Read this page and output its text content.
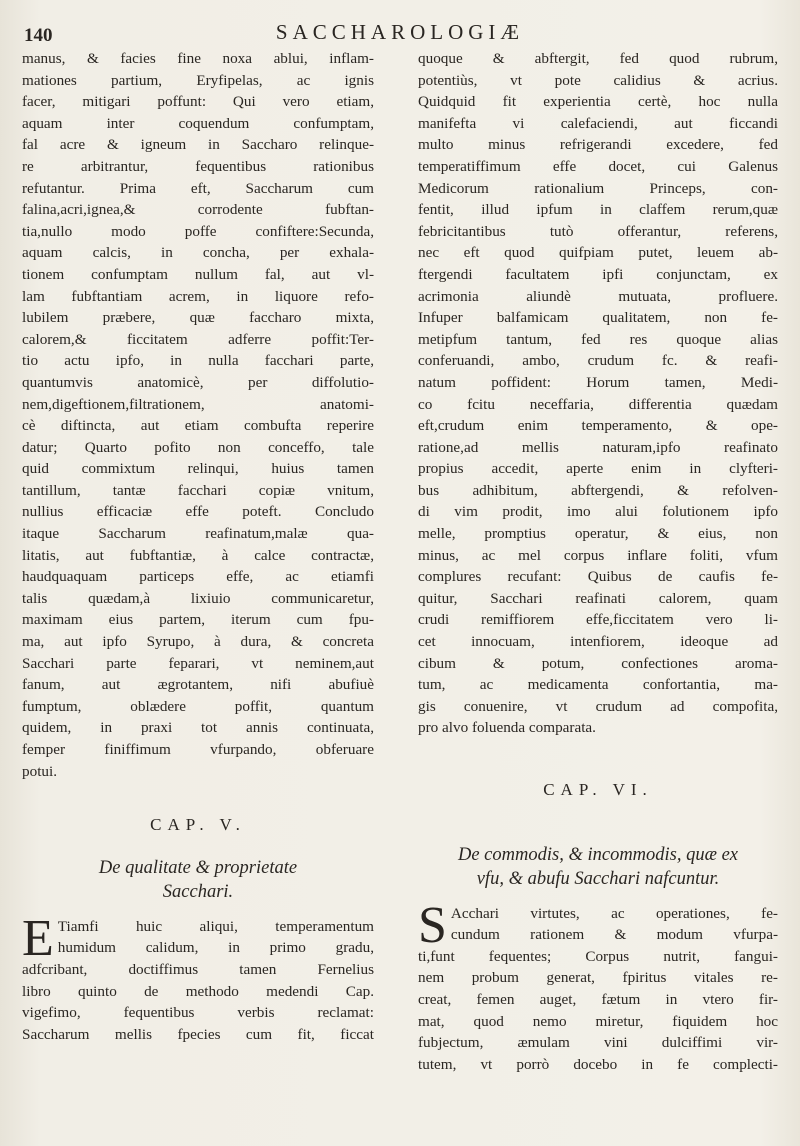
140	SACCHAROLOGIÆ
manus, & facies fine noxa ablui, inflam-
mationes partium, Eryfipelas, ac ignis
facer, mitigari poffunt: Qui vero etiam,
aquam inter coquendum confumptam,
fal acre & igneum in Saccharo relinque-
re arbitrantur, fequentibus rationibus
refutantur. Prima eft, Saccharum cum
falina,acri,ignea,& corrodente fubftan-
tia,nullo modo poffe confiftere:Secunda,
aquam calcis, in concha, per exhala-
tionem confumptam nullum fal, aut vl-
lam fubftantiam acrem, in liquore refo-
lubilem præbere, quæ faccharo mixta,
calorem,& ficcitatem adferre poffit:Ter-
tio actu ipfo, in nulla facchari parte,
quantumvis anatomicè, per diffolutio-
nem,digeftionem,filtrationem, anatomi-
cè diftincta, aut etiam combufta reperire
datur; Quarto pofito non conceffo, tale
quid commixtum relinqui, huius tamen
tantillum, tantæ facchari copiæ vnitum,
nullius efficaciæ effe poteft. Concludo
itaque Saccharum reafinatum,malæ qua-
litatis, aut fubftantiæ, à calce contractæ,
haudquaquam particeps effe, ac etiamfi
talis quædam,à lixiuio communicaretur,
maximam eius partem, iterum cum fpu-
ma, aut ipfo Syrupo, à dura, & concreta
Sacchari parte feparari, vt neminem,aut
fanum, aut ægrotantem, nifi abufiuè
fumptum, oblædere poffit, quantum
quidem, in praxi tot annis continuata,
femper finiffimum vfurpando, obferuare
potui.
CAP. V.
De qualitate & proprietate
Sacchari.
E Tiamfi huic aliqui, temperamentum
humidum calidum, in primo gradu,
adfcribant, doctiffimus tamen Fernelius
libro quinto de methodo medendi Cap.
vigefimo, fequentibus verbis reclamat:
Saccharum mellis fpecies cum fit, ficcat
quoque & abftergit, fed quod rubrum,
potentiùs, vt pote calidius & acrius.
Quidquid fit experientia certè, hoc nulla
manifefta vi calefaciendi, aut ficcandi
multo minus refrigerandi excedere, fed
temperatiffimum effe docet, cui Galenus
Medicorum rationalium Princeps, con-
fentit, illud ipfum in claffem rerum,quæ
febricitantibus tutò offerantur, referens,
nec eft quod quifpiam putet, leuem ab-
ftergendi facultatem ipfi conjunctam, ex
acrimonia aliundè mutuata, profluere.
Infuper balfamicam qualitatem, non fe-
metipfum tantum, fed res quoque alias
conferuandi, ambo, crudum fc. & reafi-
natum poffident: Horum tamen, Medi-
co fcitu neceffaria, differentia quædam
eft,crudum enim temperamento, & ope-
ratione,ad mellis naturam,ipfo reafinato
propius accedit, aperte enim in clyfteri-
bus adhibitum, abftergendi, & refolven-
di vim prodit, imo alui folutionem ipfo
melle, promptius operatur, & eius, non
minus, ac mel corpus inflare foliti, vfum
complures recufant: Quibus de caufis fe-
quitur, Sacchari reafinati calorem, quam
crudi remiffiorem effe,ficcitatem vero li-
cet innocuam, intenfiorem, ideoque ad
cibum & potum, confectiones aroma-
tum, ac medicamenta confortantia, ma-
gis conuenire, vt crudum ad compofita,
pro alvo foluenda comparata.
CAP. VI.
De commodis, & incommodis, quæ ex
vfu, & abufu Sacchari nafcuntur.
S Acchari virtutes, ac operationes, fe-
cundum rationem & modum vfurpa-
ti,funt fequentes; Corpus nutrit, fangui-
nem probum generat, fpiritus vitales re-
creat, femen auget, fætum in vtero fir-
mat, quod nemo miretur, fiquidem hoc
fubjectum, æmulam vini dulciffimi vir-
tutem, vt porrò docebo in fe complecti-
